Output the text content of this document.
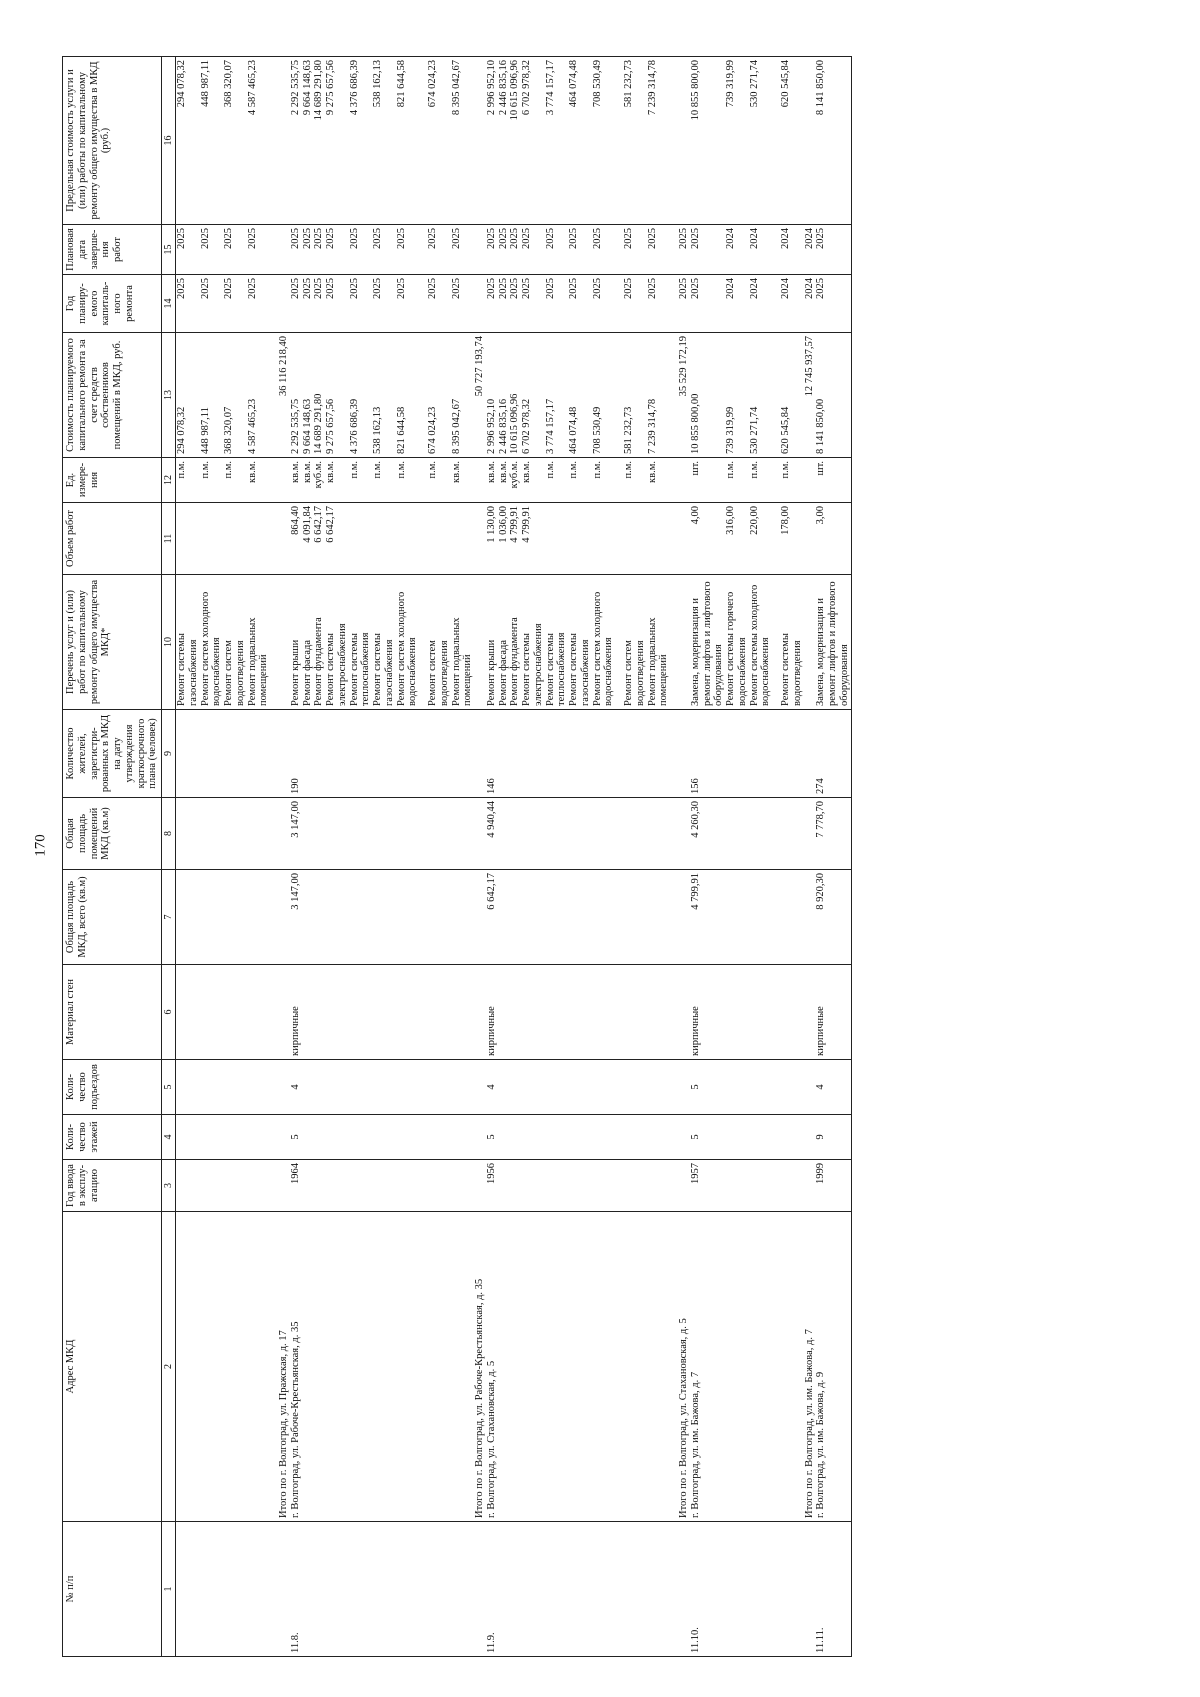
170
№ п/п	Адрес МКД	Год ввода в эксплу-атацию	Коли-чество этажей	Коли-чество подъездов	Материал стен	Общая площадь МКД, всего (кв.м)	Общая площадь помещений МКД (кв.м)	Количество жителей, зарегистри-рованных в МКД на дату утверждения краткосрочного плана (человек)	Перечень услуг и (или) работ по капитальному ремонту общего имущества МКД*	Объем работ	Ед. измере-ния	Стоимость планируемого капитального ремонта за счет средств собственников помещений в МКД, руб.	Год планиру-емого капиталь-ного ремонта	Плановая дата заверше-ния работ	Предельная стоимость услуги и (или) работы по капитальному ремонту общего имущества в МКД (руб.)
1	2	3	4	5	6	7	8	9	10	11	12	13	14	15	16
									Ремонт системы газоснабжения		п.м.	294 078,32	2025	2025	294 078,32
									Ремонт систем холодного водоснабжения		п.м.	448 987,11	2025	2025	448 987,11
									Ремонт систем водоотведения		п.м.	368 320,07	2025	2025	368 320,07
									Ремонт подвальных помещений		кв.м.	4 587 465,23	2025	2025	4 587 465,23

	Итого по г. Волгоград, ул. Пражская, д. 17											36 116 218,40			
11.8.	г. Волгоград, ул. Рабоче-Крестьянская, д. 35	1964	5	4	кирпичные	3 147,00	3 147,00	190	Ремонт крыши	864,40	кв.м.	2 292 535,75	2025	2025	2 292 535,75
									Ремонт фасада	4 091,84	кв.м.	9 664 148,63	2025	2025	9 664 148,63
									Ремонт фундамента	6 642,17	куб.м.	14 689 291,80	2025	2025	14 689 291,80
									Ремонт системы электроснабжения	6 642,17	кв.м.	9 275 657,56	2025	2025	9 275 657,56
									Ремонт системы теплоснабжения		п.м.	4 376 686,39	2025	2025	4 376 686,39
									Ремонт системы газоснабжения		п.м.	538 162,13	2025	2025	538 162,13
									Ремонт систем холодного водоснабжения		п.м.	821 644,58	2025	2025	821 644,58

									Ремонт систем водоотведения		п.м.	674 024,23	2025	2025	674 024,23
									Ремонт подвальных помещений		кв.м.	8 395 042,67	2025	2025	8 395 042,67
	Итого по г. Волгоград, ул. Рабоче-Крестьянская, д. 35											50 727 193,74			
11.9.	г. Волгоград, ул. Стахановская, д. 5	1956	5	4	кирпичные	6 642,17	4 940,44	146	Ремонт крыши	1 130,00	кв.м.	2 996 952,10	2025	2025	2 996 952,10
									Ремонт фасада	1 036,00	кв.м.	2 446 835,16	2025	2025	2 446 835,16
									Ремонт фундамента	4 799,91	куб.м.	10 615 096,96	2025	2025	10 615 096,96
									Ремонт системы электроснабжения	4 799,91	кв.м.	6 702 978,32	2025	2025	6 702 978,32
									Ремонт системы теплоснабжения		п.м.	3 774 157,17	2025	2025	3 774 157,17
									Ремонт системы газоснабжения		п.м.	464 074,48	2025	2025	464 074,48
									Ремонт систем холодного водоснабжения		п.м.	708 530,49	2025	2025	708 530,49

									Ремонт систем водоотведения		п.м.	581 232,73	2025	2025	581 232,73
									Ремонт подвальных помещений		кв.м.	7 239 314,78	2025	2025	7 239 314,78

	Итого по г. Волгоград, ул. Стахановская, д. 5											35 529 172,19	2025	2025	
11.10.	г. Волгоград, ул. им. Бажова, д. 7	1957	5	5	кирпичные	4 799,91	4 260,30	156	Замена, модернизация и ремонт лифтов и лифтового оборудования	4,00	шт.	10 855 800,00	2025	2025	10 855 800,00
									Ремонт системы горячего водоснабжения	316,00	п.м.	739 319,99	2024	2024	739 319,99
									Ремонт системы холодного водоснабжения	220,00	п.м.	530 271,74	2024	2024	530 271,74

									Ремонт системы водоотведения	178,00	п.м.	620 545,84	2024	2024	620 545,84
	Итого по г. Волгоград, ул. им. Бажова, д. 7											12 745 937,57	2024	2024	
11.11.	г. Волгоград, ул. им. Бажова, д. 9	1999	9	4	кирпичные	8 920,30	7 778,70	274	Замена, модернизация и ремонт лифтов и лифтового оборудования	3,00	шт.	8 141 850,00	2025	2025	8 141 850,00
